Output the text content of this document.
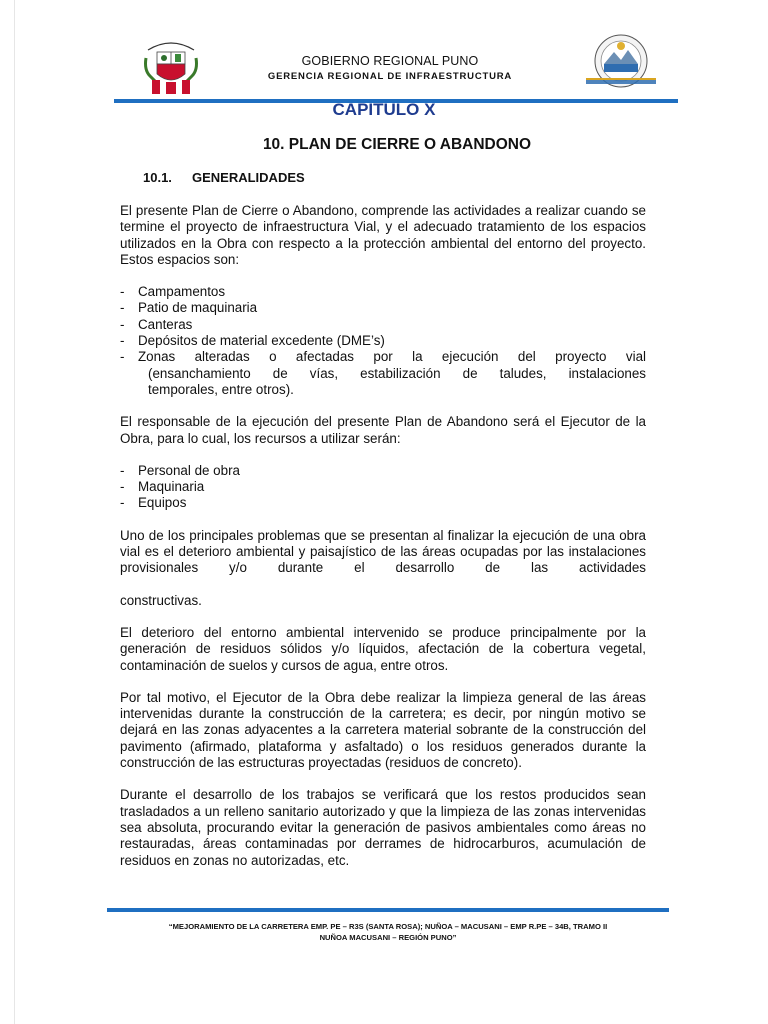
GOBIERNO REGIONAL PUNO
GERENCIA REGIONAL DE INFRAESTRUCTURA
CAPITULO X
10. PLAN DE CIERRE O ABANDONO
10.1. GENERALIDADES

El presente Plan de Cierre o Abandono, comprende las actividades a realizar cuando se termine el proyecto de infraestructura Vial, y el adecuado tratamiento de los espacios utilizados en la Obra con respecto a la protección ambiental del entorno del proyecto. Estos espacios son:

- Campamentos
- Patio de maquinaria
- Canteras
- Depósitos de material excedente (DME’s)
- Zonas alteradas o afectadas por la ejecución del proyecto vial
(ensanchamiento de vías, estabilización de taludes, instalaciones
temporales, entre otros).

El responsable de la ejecución del presente Plan de Abandono será el Ejecutor de la Obra, para lo cual, los recursos a utilizar serán:

- Personal de obra
- Maquinaria
- Equipos

Uno de los principales problemas que se presentan al finalizar la ejecución de una obra vial es el deterioro ambiental y paisajístico de las áreas ocupadas por las instalaciones provisionales y/o durante el desarrollo de las actividades

constructivas.

El deterioro del entorno ambiental intervenido se produce principalmente por la generación de residuos sólidos y/o líquidos, afectación de la cobertura vegetal, contaminación de suelos y cursos de agua, entre otros.

Por tal motivo, el Ejecutor de la Obra debe realizar la limpieza general de las áreas intervenidas durante la construcción de la carretera; es decir, por ningún motivo se dejará en las zonas adyacentes a la carretera material sobrante de la construcción del pavimento (afirmado, plataforma y asfaltado) o los residuos generados durante la construcción de las estructuras proyectadas (residuos de concreto).

Durante el desarrollo de los trabajos se verificará que los restos producidos sean trasladados a un relleno sanitario autorizado y que la limpieza de las zonas intervenidas sea absoluta, procurando evitar la generación de pasivos ambientales como áreas no restauradas, áreas contaminadas por derrames de hidrocarburos, acumulación de residuos en zonas no autorizadas, etc.

“MEJORAMIENTO DE LA CARRETERA EMP. PE – R3S (SANTA ROSA); NUÑOA – MACUSANI – EMP R.PE – 34B, TRAMO II
NUÑOA MACUSANI – REGIÓN PUNO”
